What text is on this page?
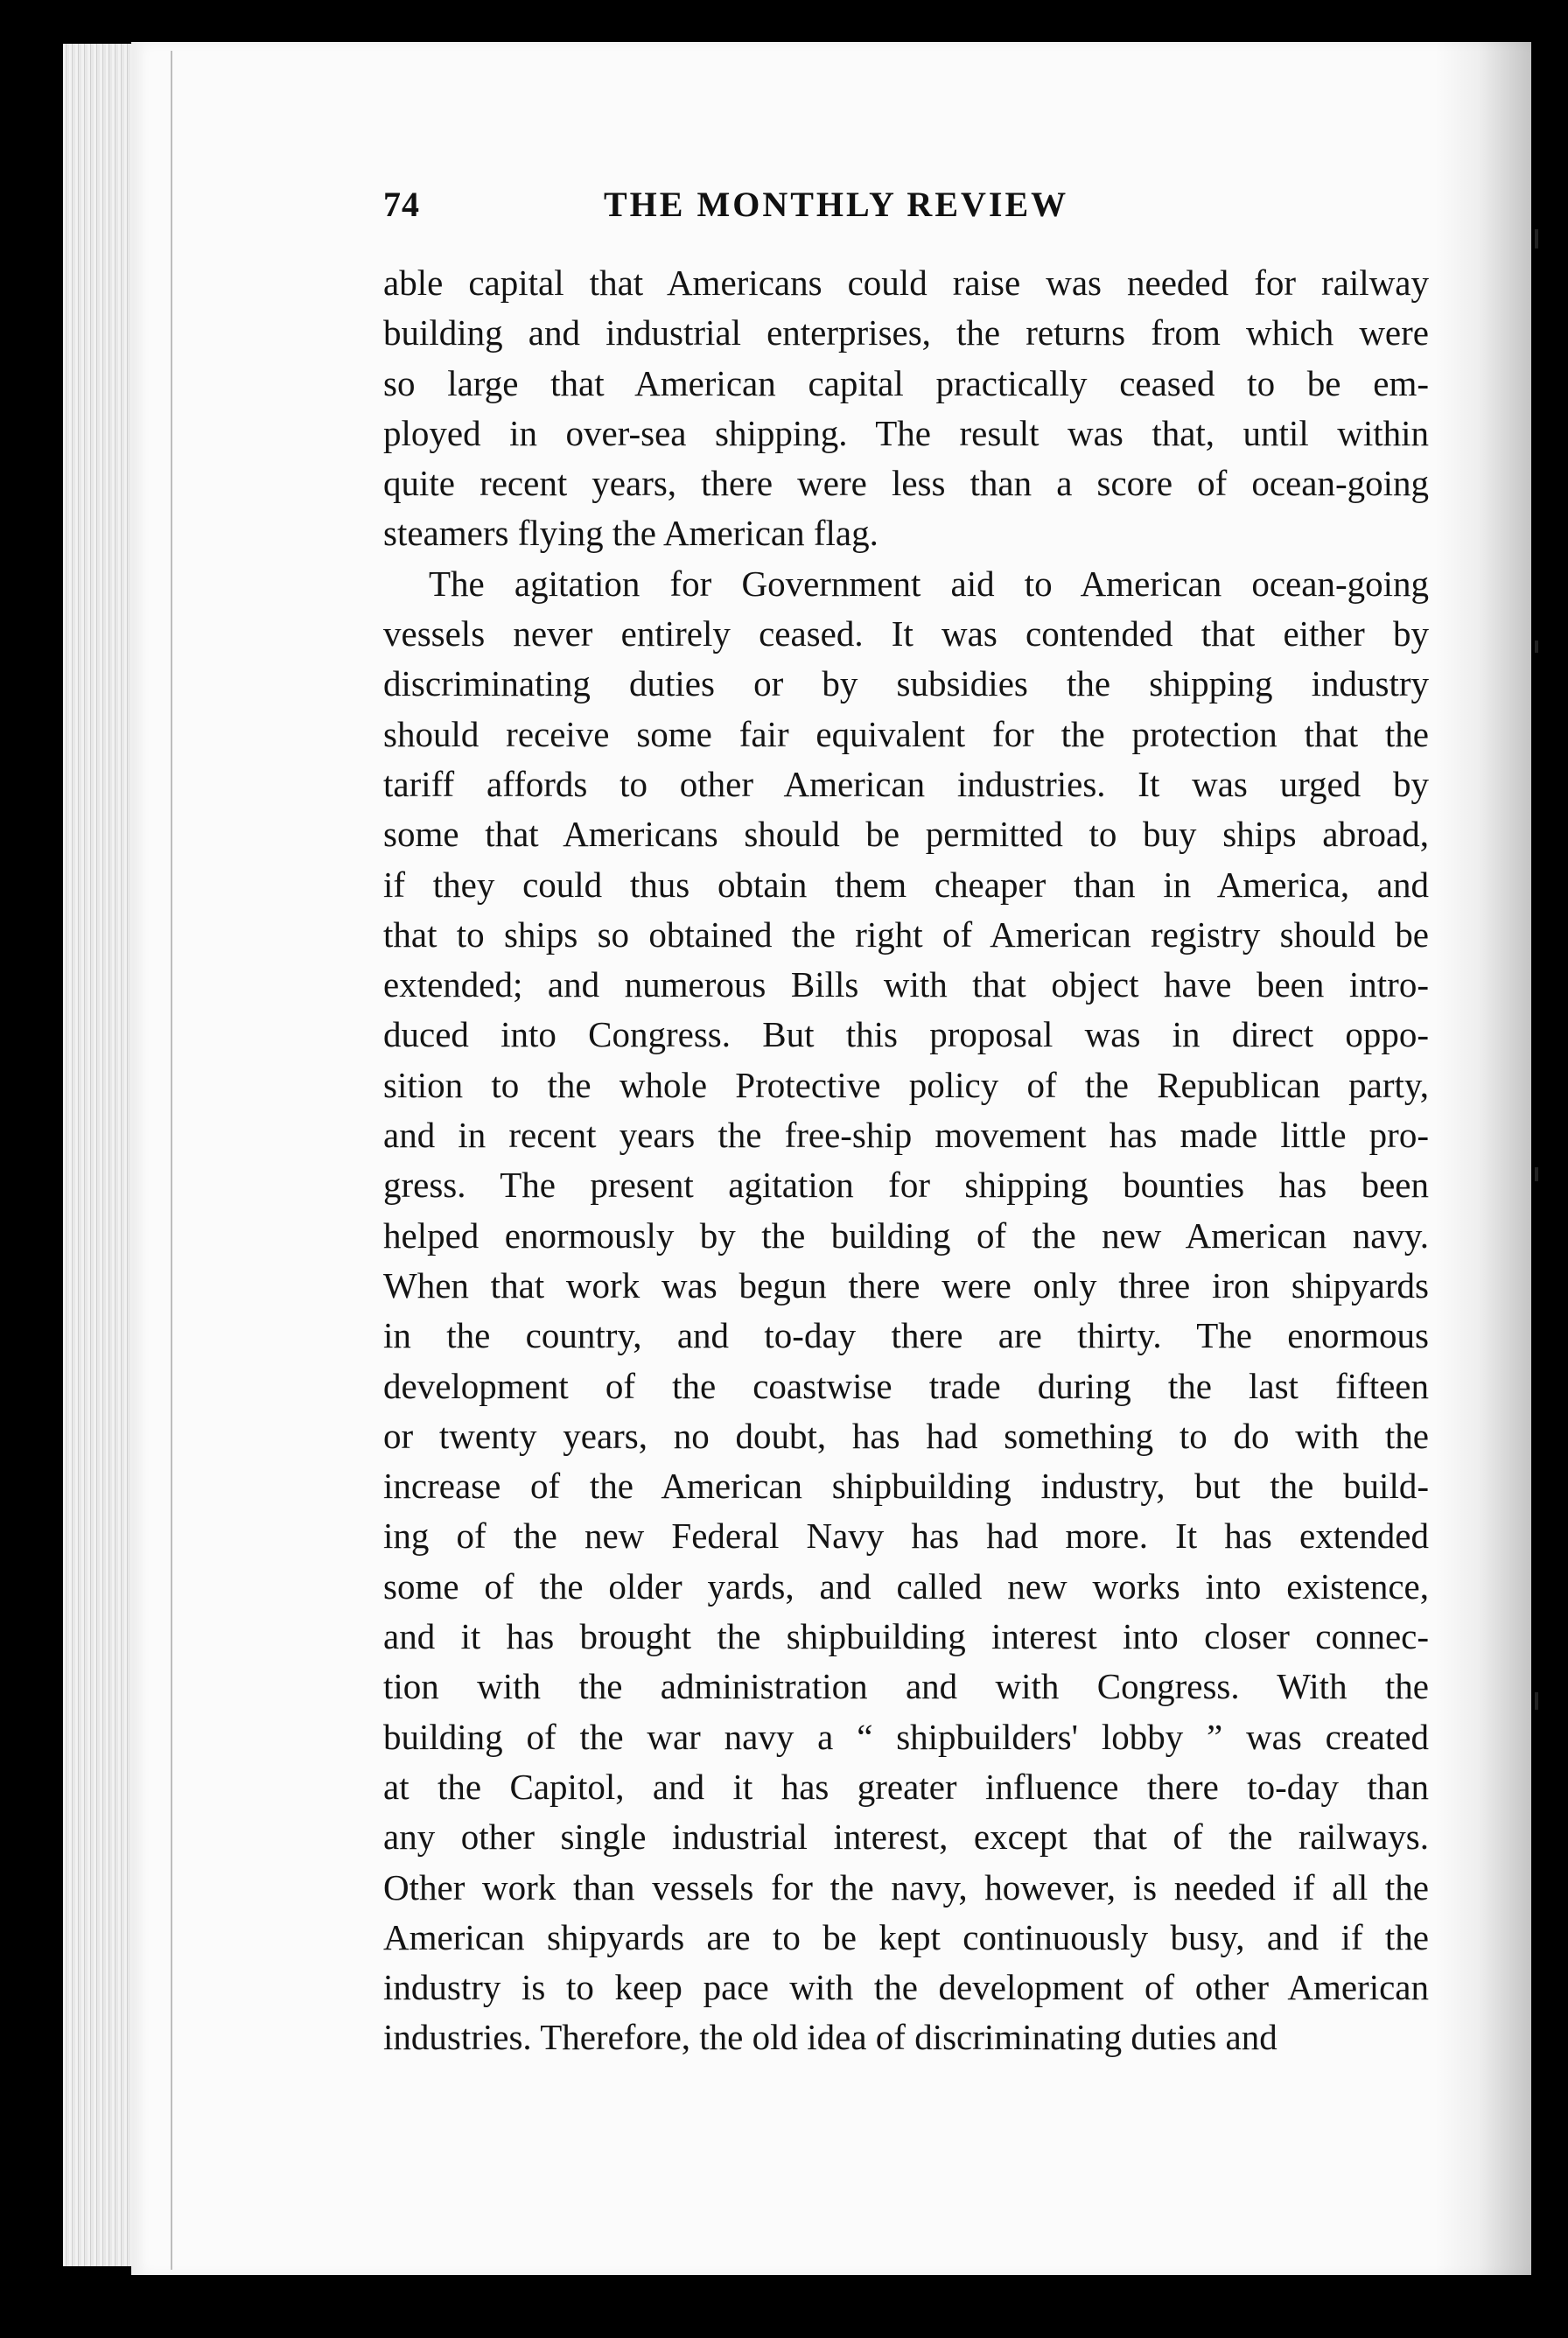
74	THE MONTHLY REVIEW
able capital that Americans could raise was needed for railway
building and industrial enterprises, the returns from which were
so large that American capital practically ceased to be em-
ployed in over-sea shipping. The result was that, until within
quite recent years, there were less than a score of ocean-going
steamers flying the American flag.
The agitation for Government aid to American ocean-going
vessels never entirely ceased. It was contended that either by
discriminating duties or by subsidies the shipping industry
should receive some fair equivalent for the protection that the
tariff affords to other American industries. It was urged by
some that Americans should be permitted to buy ships abroad,
if they could thus obtain them cheaper than in America, and
that to ships so obtained the right of American registry should be
extended; and numerous Bills with that object have been intro-
duced into Congress. But this proposal was in direct oppo-
sition to the whole Protective policy of the Republican party,
and in recent years the free-ship movement has made little pro-
gress. The present agitation for shipping bounties has been
helped enormously by the building of the new American navy.
When that work was begun there were only three iron shipyards
in the country, and to-day there are thirty. The enormous
development of the coastwise trade during the last fifteen
or twenty years, no doubt, has had something to do with the
increase of the American shipbuilding industry, but the build-
ing of the new Federal Navy has had more. It has extended
some of the older yards, and called new works into existence,
and it has brought the shipbuilding interest into closer connec-
tion with the administration and with Congress. With the
building of the war navy a “ shipbuilders' lobby ” was created
at the Capitol, and it has greater influence there to-day than
any other single industrial interest, except that of the railways.
Other work than vessels for the navy, however, is needed if all the
American shipyards are to be kept continuously busy, and if the
industry is to keep pace with the development of other American
industries. Therefore, the old idea of discriminating duties and
